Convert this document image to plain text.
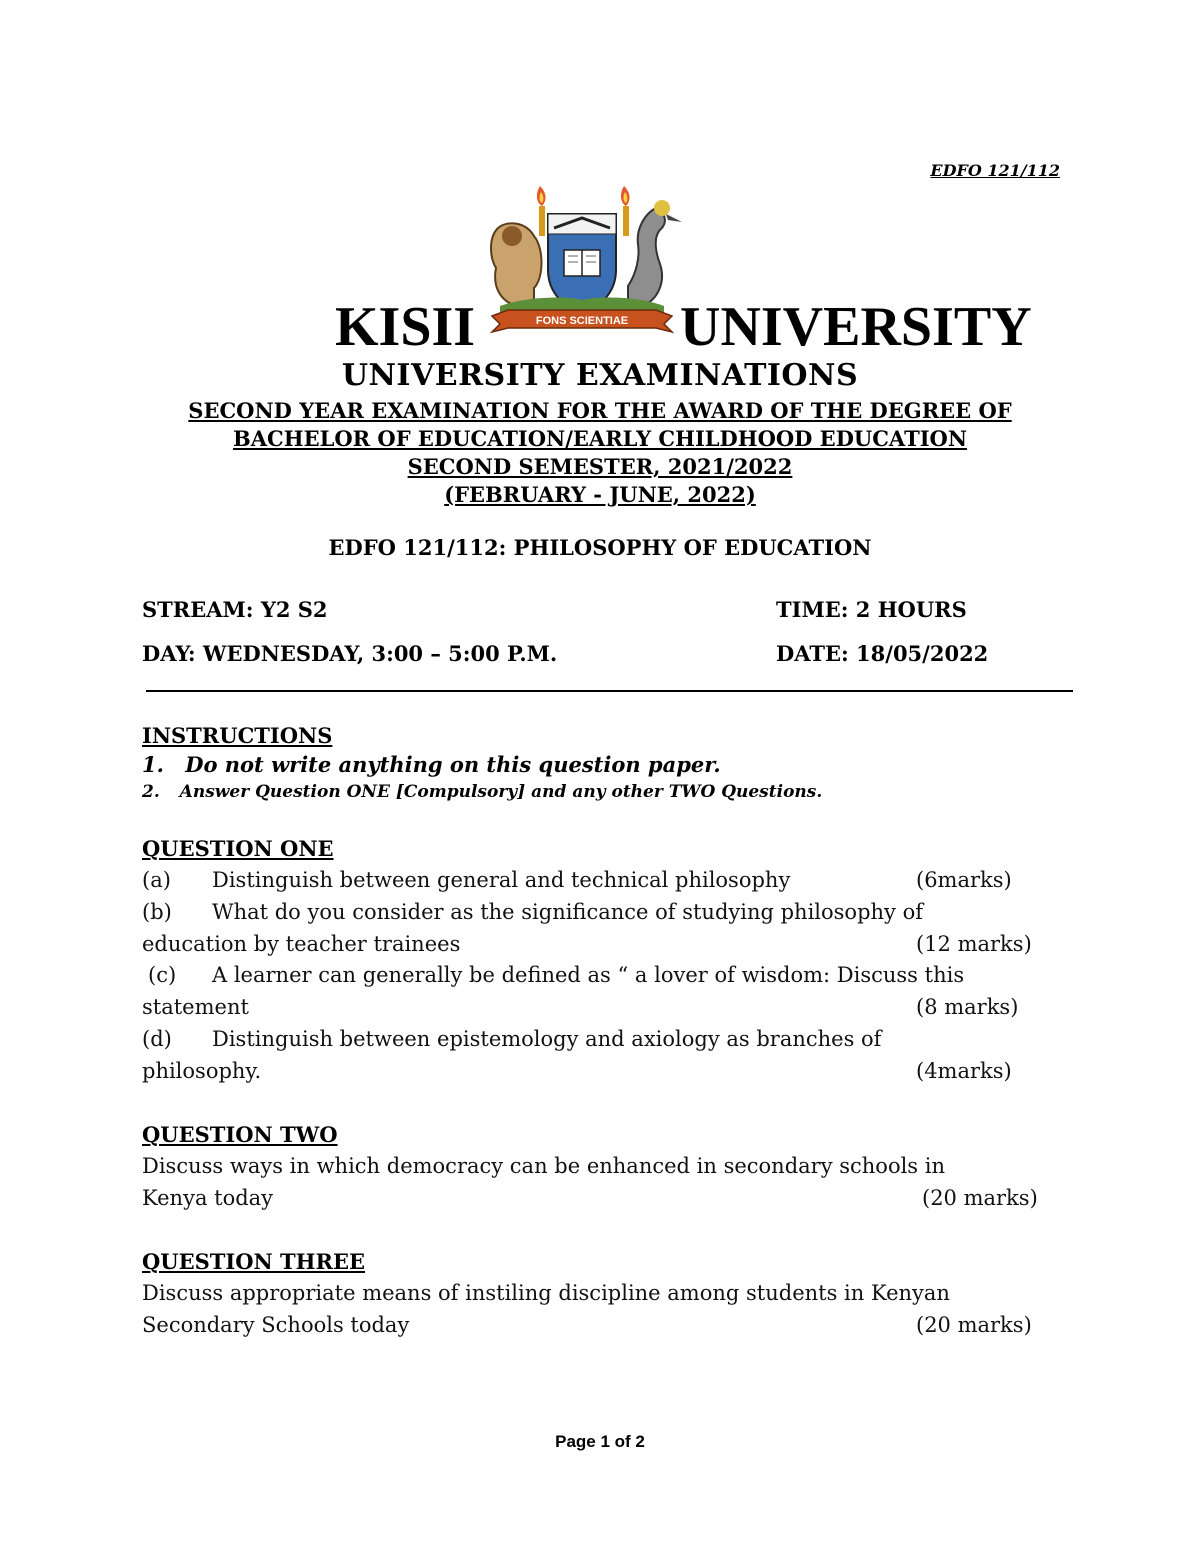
EDFO 121/112
FONS SCIENTIAE
KISII	UNIVERSITY
UNIVERSITY EXAMINATIONS
SECOND YEAR EXAMINATION FOR THE AWARD OF THE DEGREE OF
BACHELOR OF EDUCATION/EARLY CHILDHOOD EDUCATION
SECOND SEMESTER, 2021/2022
(FEBRUARY - JUNE, 2022)
EDFO 121/112: PHILOSOPHY OF EDUCATION
STREAM: Y2 S2	TIME: 2 HOURS
DAY: WEDNESDAY, 3:00 – 5:00 P.M.	DATE: 18/05/2022
INSTRUCTIONS
1. Do not write anything on this question paper.
2. Answer Question ONE [Compulsory] and any other TWO Questions.
QUESTION ONE
(a) Distinguish between general and technical philosophy	(6marks)
(b) What do you consider as the significance of studying philosophy of
education by teacher trainees	(12 marks)
(c) A learner can generally be defined as “ a lover of wisdom: Discuss this
statement	(8 marks)
(d) Distinguish between epistemology and axiology as branches of
philosophy.	(4marks)
QUESTION TWO
Discuss ways in which democracy can be enhanced in secondary schools in
Kenya today	(20 marks)
QUESTION THREE
Discuss appropriate means of instiling discipline among students in Kenyan
Secondary Schools today	(20 marks)
Page 1 of 2
